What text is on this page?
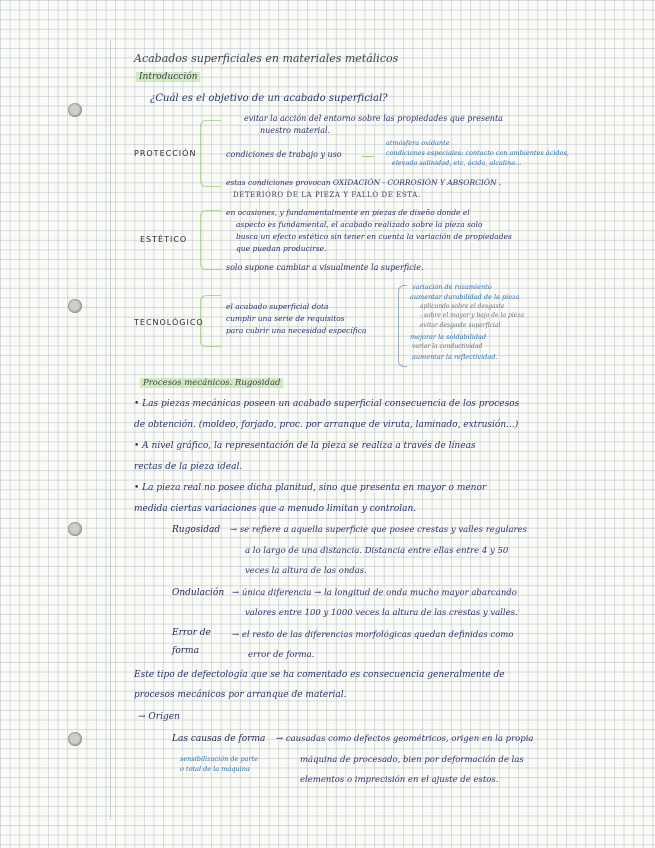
Acabados superficiales en materiales metálicos
Introducción
¿Cuál es el objetivo de un acabado superficial?
PROTECCIÓN
evitar la acción del entorno sobre las propiedades que presenta
nuestro material.
condiciones de trabajo y uso
atmósfera oxidante
condiciones especiales: contacto con ambientes ácidos,
elevada salinidad, etc, ácida, alcalina...
estas condiciones provocan OXIDACIÓN - CORROSIÓN Y ABSORCIÓN .
DETERIORO DE LA PIEZA Y FALLO DE ESTA.
ESTÉTICO
en ocasiones, y fundamentalmente en piezas de diseño donde el
aspecto es fundamental, el acabado realizado sobre la pieza solo
busca un efecto estético sin tener en cuenta la variación de propiedades
que puedan producirse.
solo supone cambiar a visualmente la superficie.
TECNOLÓGICO
el acabado superficial dota
cumplir una serie de requisitos
para cubrir una necesidad específica
variación de rozamiento
aumentar durabilidad de la pieza
aplicando sobre el desgaste
- sobre el mayor y bajo de la pieza
evitar desgaste superficial
mejorar la soldabilidad
variar la conductividad
aumentar la reflectividad.
Procesos mecánicos. Rugosidad
• Las piezas mecánicas poseen un acabado superficial consecuencia de los procesos
de obtención. (moldeo, forjado, proc. por arranque de viruta, laminado, extrusión...)
• A nivel gráfico, la representación de la pieza se realiza a través de líneas
rectas de la pieza ideal.
• La pieza real no posee dicha planitud, sino que presenta en mayor o menor
medida ciertas variaciones que a menudo limitan y controlan.
Rugosidad → se refiere a aquella superficie que posee crestas y valles regulares
a lo largo de una distancia. Distancia entre ellas entre 4 y 50
veces la altura de las ondas.
Ondulación → única diferencia → la longitud de onda mucho mayor abarcando
valores entre 100 y 1000 veces la altura de las crestas y valles.
Error de
forma
→ el resto de las diferencias morfológicas quedan definidas como
error de forma.
Este tipo de defectología que se ha comentado es consecuencia generalmente de
procesos mecánicos por arranque de material.
→ Origen
Las causas de forma → causadas como defectos geométricos, origen en la propia
máquina de procesado, bien por deformación de las
elementos o imprecisión en el ajuste de estos.
sensibilización de parte
o total de la máquina
